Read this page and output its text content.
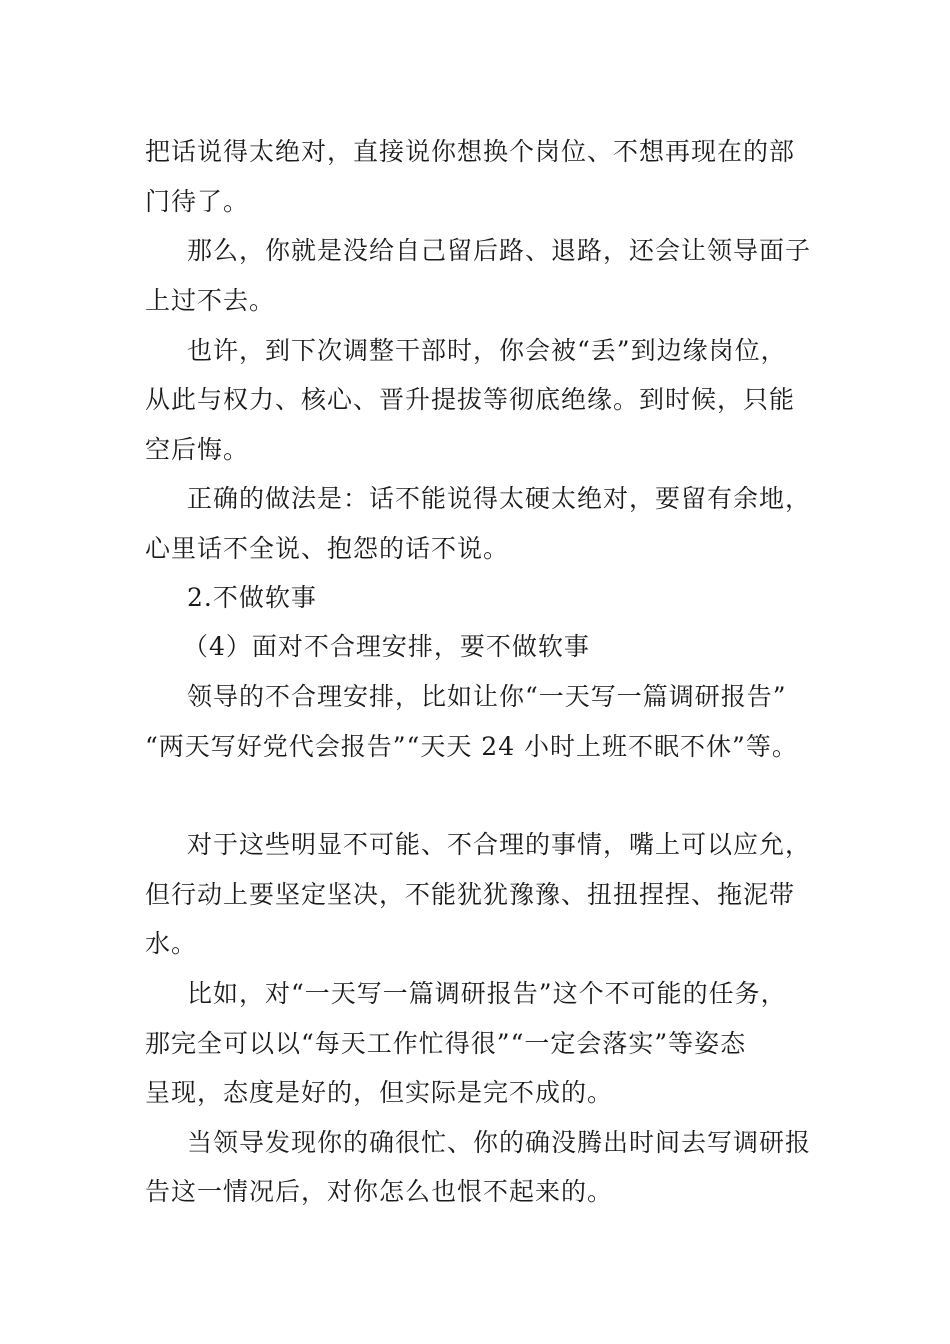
把话说得太绝对，直接说你想换个岗位、不想再现在的部
门待了。
那么，你就是没给自己留后路、退路，还会让领导面子
上过不去。
也许，到下次调整干部时，你会被“丢”到边缘岗位，
从此与权力、核心、晋升提拔等彻底绝缘。到时候，只能
空后悔。
正确的做法是：话不能说得太硬太绝对，要留有余地，
心里话不全说、抱怨的话不说。
2.不做软事
（4）面对不合理安排，要不做软事
领导的不合理安排，比如让你“一天写一篇调研报告”
“两天写好党代会报告”“天天 24 小时上班不眠不休”等。
对于这些明显不可能、不合理的事情，嘴上可以应允，
但行动上要坚定坚决，不能犹犹豫豫、扭扭捏捏、拖泥带
水。
比如，对“一天写一篇调研报告”这个不可能的任务，
那完全可以以“每天工作忙得很”“一定会落实”等姿态
呈现，态度是好的，但实际是完不成的。
当领导发现你的确很忙、你的确没腾出时间去写调研报
告这一情况后，对你怎么也恨不起来的。
